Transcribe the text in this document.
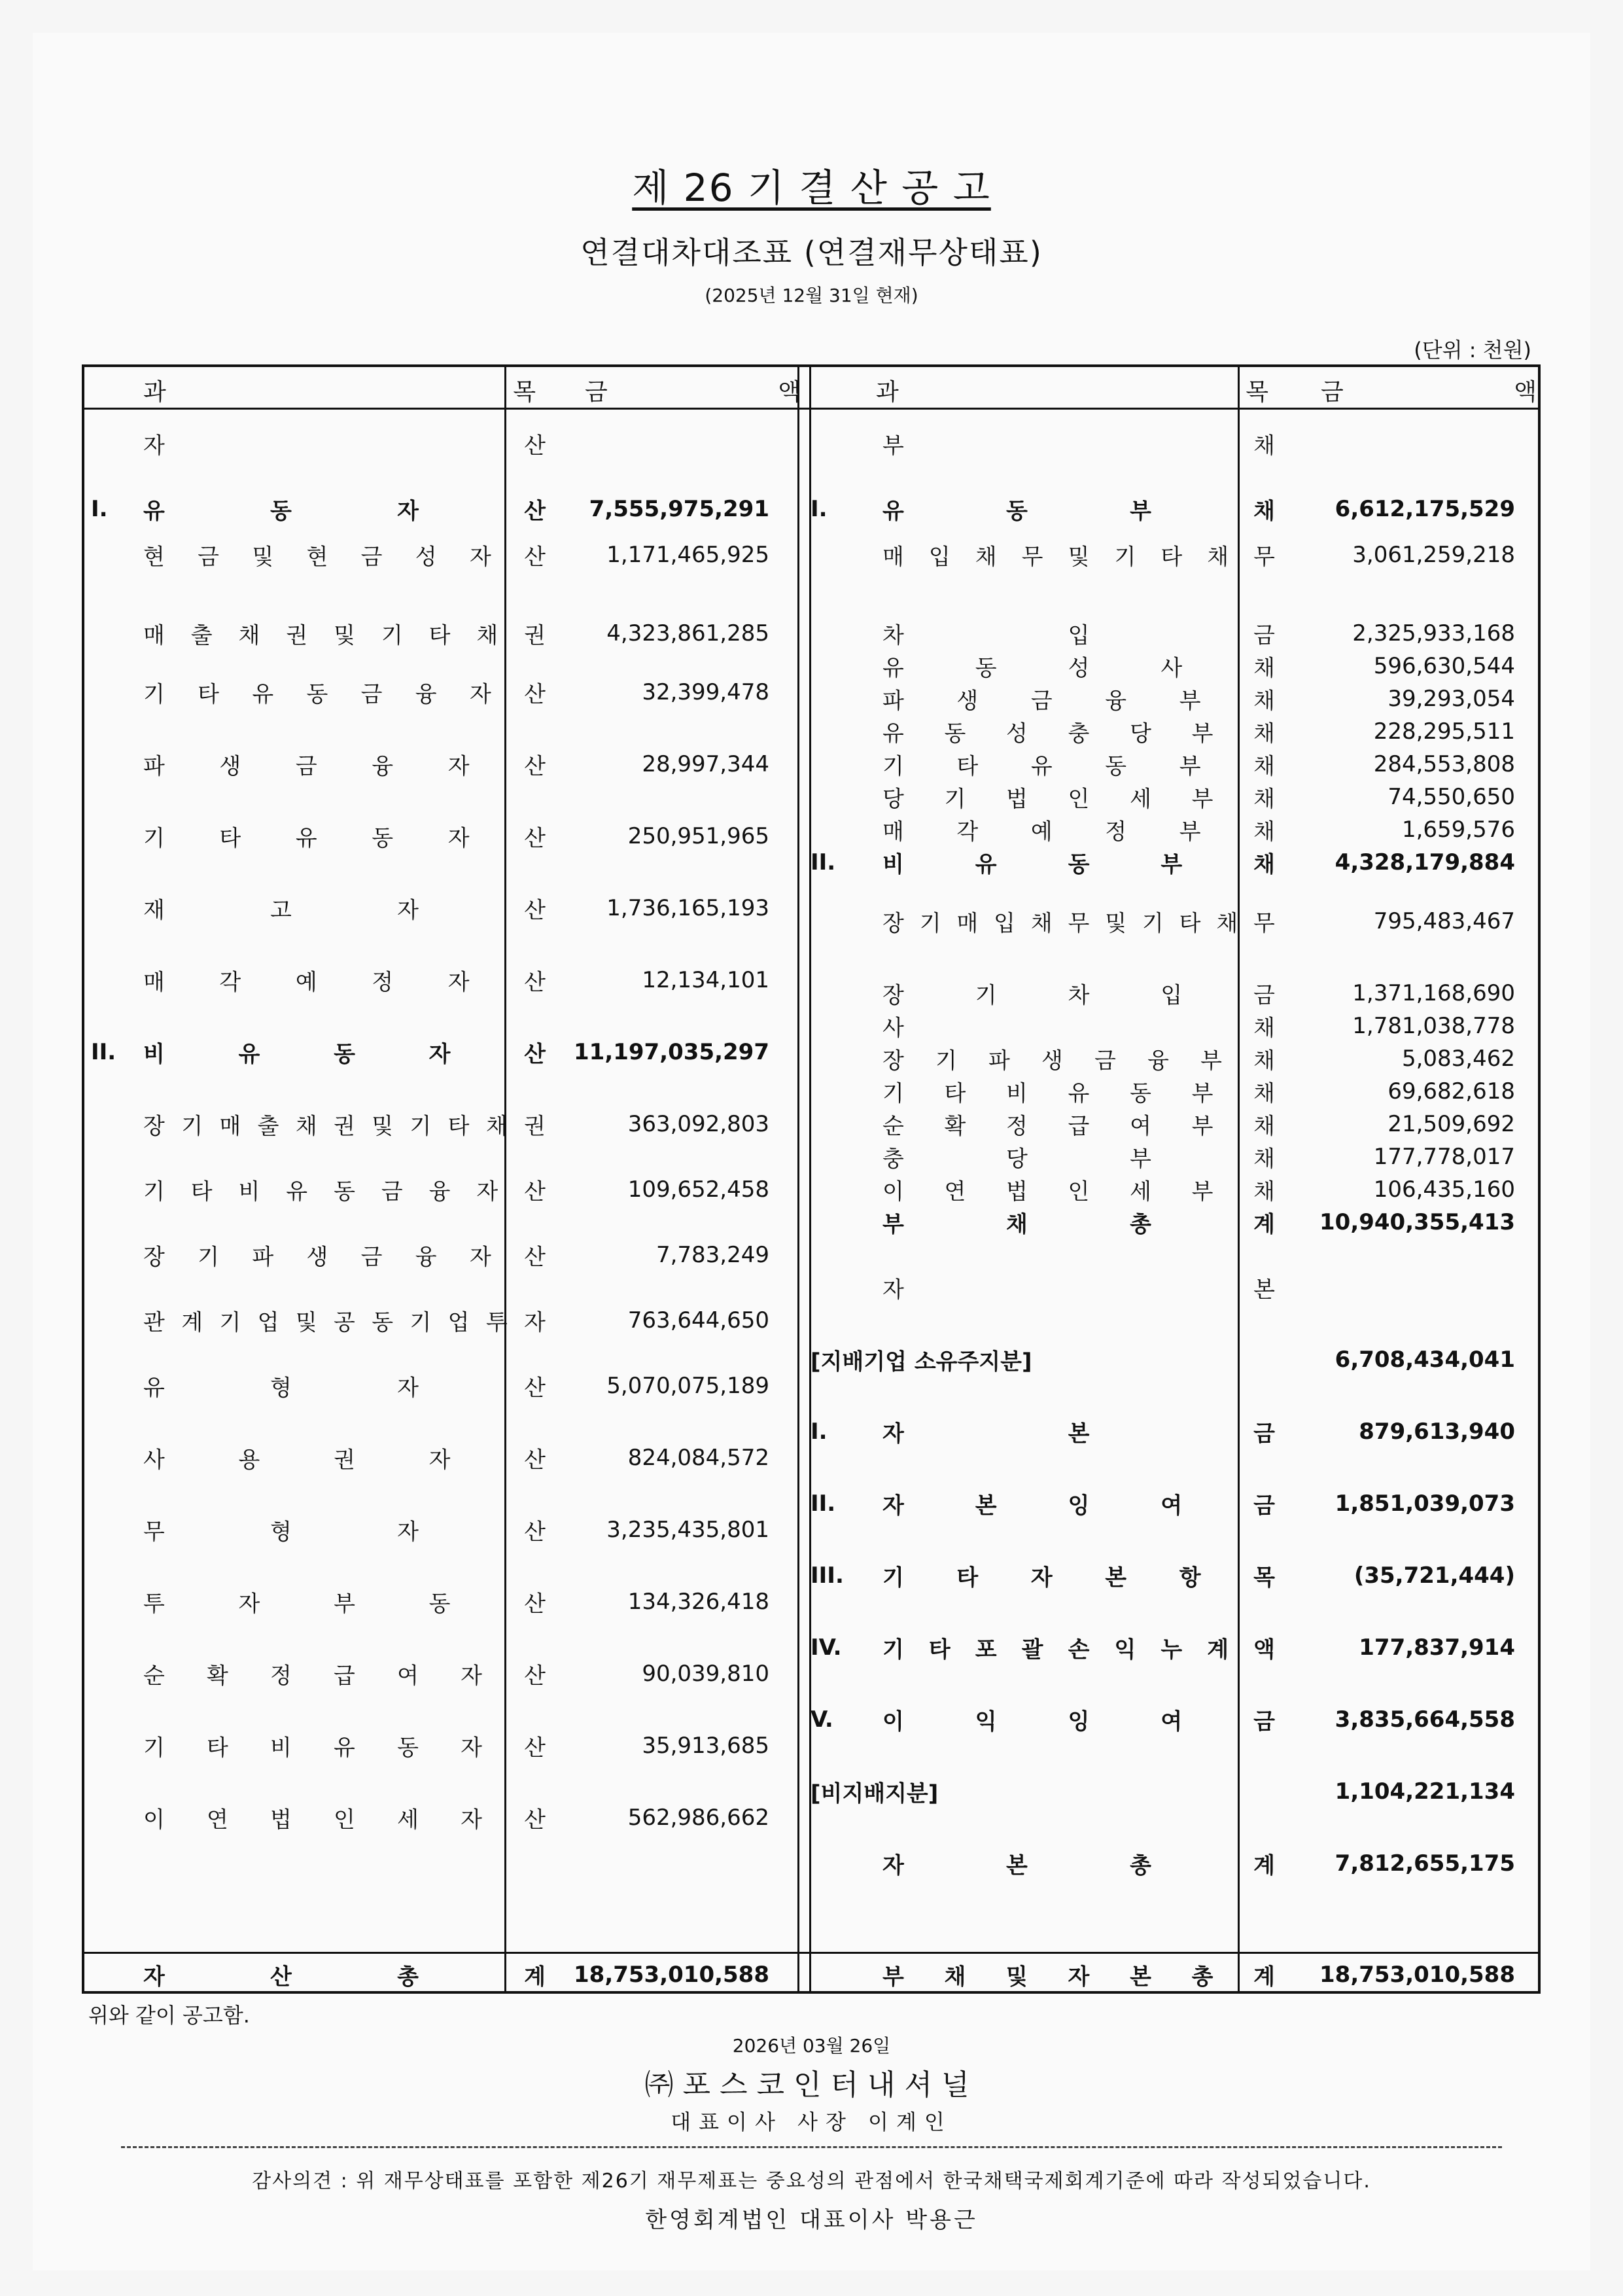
제 26 기 결 산 공 고
연결대차대조표 (연결재무상태표)
(2025년 12월 31일 현재)
(단위 : 천원)
과	목 금	액	과	목 금	액
자	산	부	채
I. 유	동	자	산 7,555,975,291
현 금 및 현 금 성 자 산	1,171,465,925
매 출 채 권 및 기 타 채 권	4,323,861,285
기 타 유 동 금 융 자 산	32,399,478
파 생 금 융 자 산	28,997,344
기 타 유 동 자 산	250,951,965
재	고	자	산	1,736,165,193
매 각 예 정 자 산	12,134,101
II. 비	유	동	자	산 11,197,035,297
장 기 매 출 채 권 및 기 타 채 권	363,092,803
기 타 비 유 동 금 융 자 산	109,652,458
장 기 파 생 금 융 자 산	7,783,249
관 계 기 업 및 공 동 기 업 투 자	763,644,650
유	형	자	산	5,070,075,189
사	용	권	자	산	824,084,572
무	형	자	산	3,235,435,801
투	자	부	동	산	134,326,418
순 확 정 급 여 자 산	90,039,810
기 타 비 유 동 자 산	35,913,685
이 연 법 인 세 자 산	562,986,662
I. 유	동	부	채	6,612,175,529
매 입 채 무 및 기 타 채 무	3,061,259,218
차	입	금	2,325,933,168
유	동	성	사	채	596,630,544
파 생 금 융 부 채	39,293,054
유 동 성 충 당 부 채	228,295,511
기 타 유 동 부 채	284,553,808
당 기 법 인 세 부 채	74,550,650
매 각 예 정 부 채	1,659,576
II. 비	유	동	부	채	4,328,179,884
장 기 매 입 채 무 및 기 타 채 무	795,483,467
장	기	차	입	금	1,371,168,690
사	채	1,781,038,778
장 기 파 생 금 융 부 채	5,083,462
기 타 비 유 동 부 채	69,682,618
순 확 정 급 여 부 채	21,509,692
충	당	부	채	177,778,017
이 연 법 인 세 부 채	106,435,160
부	채	총	계 10,940,355,413
자	본
[지배기업 소유주지분]	6,708,434,041
I. 자	본	금	879,613,940
II. 자	본	잉	여	금	1,851,039,073
III. 기 타 자 본 항 목	(35,721,444)
IV. 기 타 포 괄 손 익 누 계 액	177,837,914
V. 이	익	잉	여	금	3,835,664,558
[비지배지분]	1,104,221,134
자	본	총	계	7,812,655,175
자	산	총	계 18,753,010,588	부 채 및 자 본 총 계 18,753,010,588
위와 같이 공고함.
2026년 03월 26일
㈜포스코인터내셔널
대표이사 사장 이계인
감사의견 : 위 재무상태표를 포함한 제26기 재무제표는 중요성의 관점에서 한국채택국제회계기준에 따라 작성되었습니다.
한영회계법인 대표이사 박용근
